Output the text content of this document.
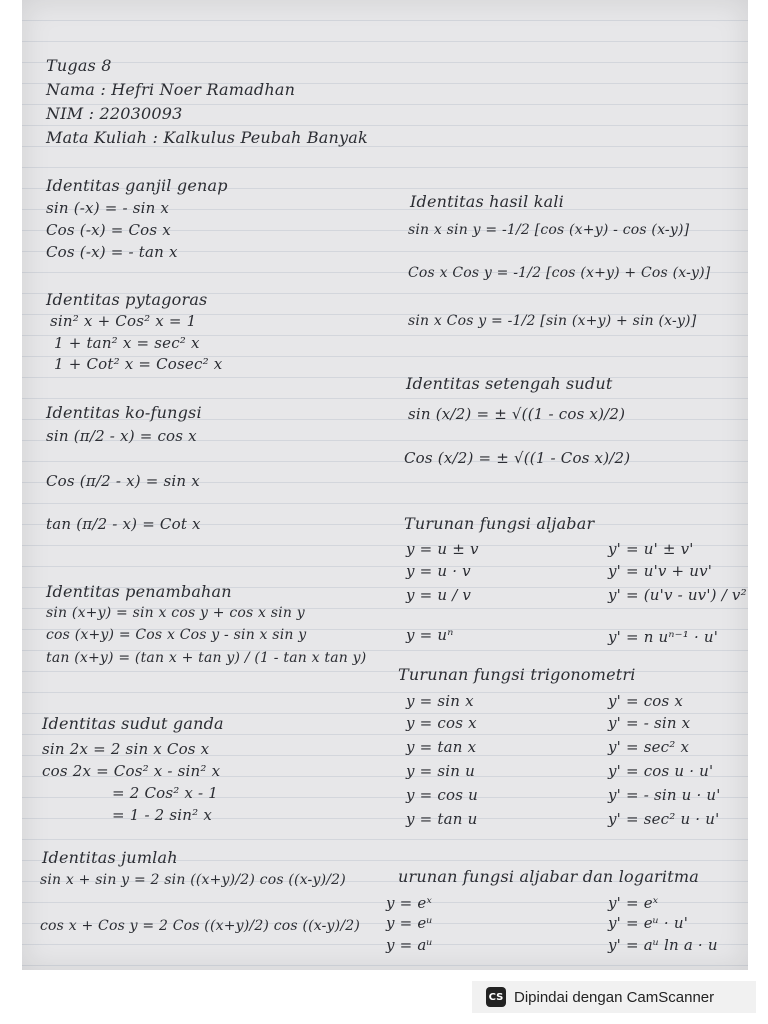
Tugas 8
Nama : Hefri Noer Ramadhan
NIM : 22030093
Mata Kuliah : Kalkulus Peubah Banyak
Identitas ganjil genap
sin (-x) = - sin x
Cos (-x) = Cos x
Cos (-x) = - tan x
Identitas pytagoras
sin² x + Cos² x = 1
1 + tan² x = sec² x
1 + Cot² x = Cosec² x
Identitas ko-fungsi
sin (π/2 - x) = cos x
Cos (π/2 - x) = sin x
tan (π/2 - x) = Cot x
Identitas penambahan
sin (x+y) = sin x cos y + cos x sin y
cos (x+y) = Cos x Cos y - sin x sin y
tan (x+y) = (tan x + tan y) / (1 - tan x tan y)
Identitas sudut ganda
sin 2x = 2 sin x Cos x
cos 2x = Cos² x - sin² x
= 2 Cos² x - 1
= 1 - 2 sin² x
Identitas jumlah
sin x + sin y = 2 sin ((x+y)/2) cos ((x-y)/2)
cos x + Cos y = 2 Cos ((x+y)/2) cos ((x-y)/2)
Identitas hasil kali
sin x sin y = -1/2 [cos (x+y) - cos (x-y)]
Cos x Cos y = -1/2 [cos (x+y) + Cos (x-y)]
sin x Cos y = -1/2 [sin (x+y) + sin (x-y)]
Identitas setengah sudut
sin (x/2) = ± √((1 - cos x)/2)
Cos (x/2) = ± √((1 - Cos x)/2)
Turunan fungsi aljabar
y = u ± v
y = u · v
y = u / v
y = uⁿ
y' = u' ± v'
y' = u'v + uv'
y' = (u'v - uv') / v²
y' = n uⁿ⁻¹ · u'
Turunan fungsi trigonometri
y = sin x
y = cos x
y = tan x
y = sin u
y = cos u
y = tan u
y' = cos x
y' = - sin x
y' = sec² x
y' = cos u · u'
y' = - sin u · u'
y' = sec² u · u'
urunan fungsi aljabar dan logaritma
y = eˣ
y = eᵘ
y = aᵘ
y' = eˣ
y' = eᵘ · u'
y' = aᵘ ln a · u
CS Dipindai dengan CamScanner
